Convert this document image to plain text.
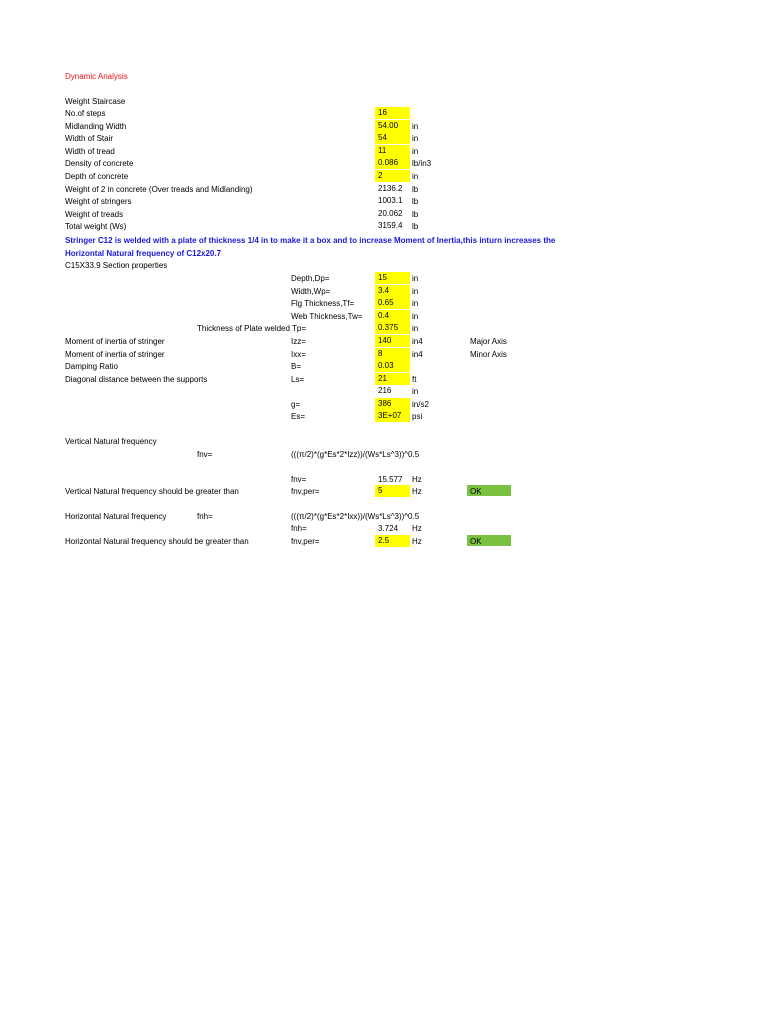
Dynamic Analysis
Weight Staircase
No.of steps	16
Midlanding Width	54.00 in
Width of Stair	54	in
Width of tread	11	in
Density of concrete	0.086 lb/in3
Depth of concrete	2	in
Weight of 2 in concrete (Over treads and Midlanding)	2136.2 lb
Weight of stringers	1003.1 lb
Weight of treads	20.062 lb
Total weight (Ws)	3159.4 lb
Stringer C12 is welded with a plate of thickness 1/4 in to make it a box and to increase Moment of Inertia,this inturn increases the
Horizontal Natural frequency of C12x20.7
C15X33.9 Section properties
Depth,Dp=	15	in
Width,Wp=	3.4	in
Flg Thickness,Tf=	0.65 in
Web Thickness,Tw=	0.4	in
Thickness of Plate welded Tp=	0.375 in
Moment of inertia of stringer	Izz=	140	in4	Major Axis
Moment of inertia of stringer	Ixx=	8	in4	Minor Axis
Damping Ratio	B=	0.03
Diagonal distance between the supports	Ls=	21	ft
216	in
g=	386	in/s2
Es=	3E+07 psi
Vertical Natural frequency
fnv=	(((π/2)*(g*Es*2*Izz))/(Ws*Ls^3))^0.5
fnv=	15.577 Hz
Vertical Natural frequency should be greater than	fnv,per=	5	Hz	OK
Horizontal Natural frequency	fnh=	(((π/2)*(g*Es*2*Ixx))/(Ws*Ls^3))^0.5
fnh=	3.724 Hz
Horizontal Natural frequency should be greater than	fnv,per=	2.5	Hz	OK
